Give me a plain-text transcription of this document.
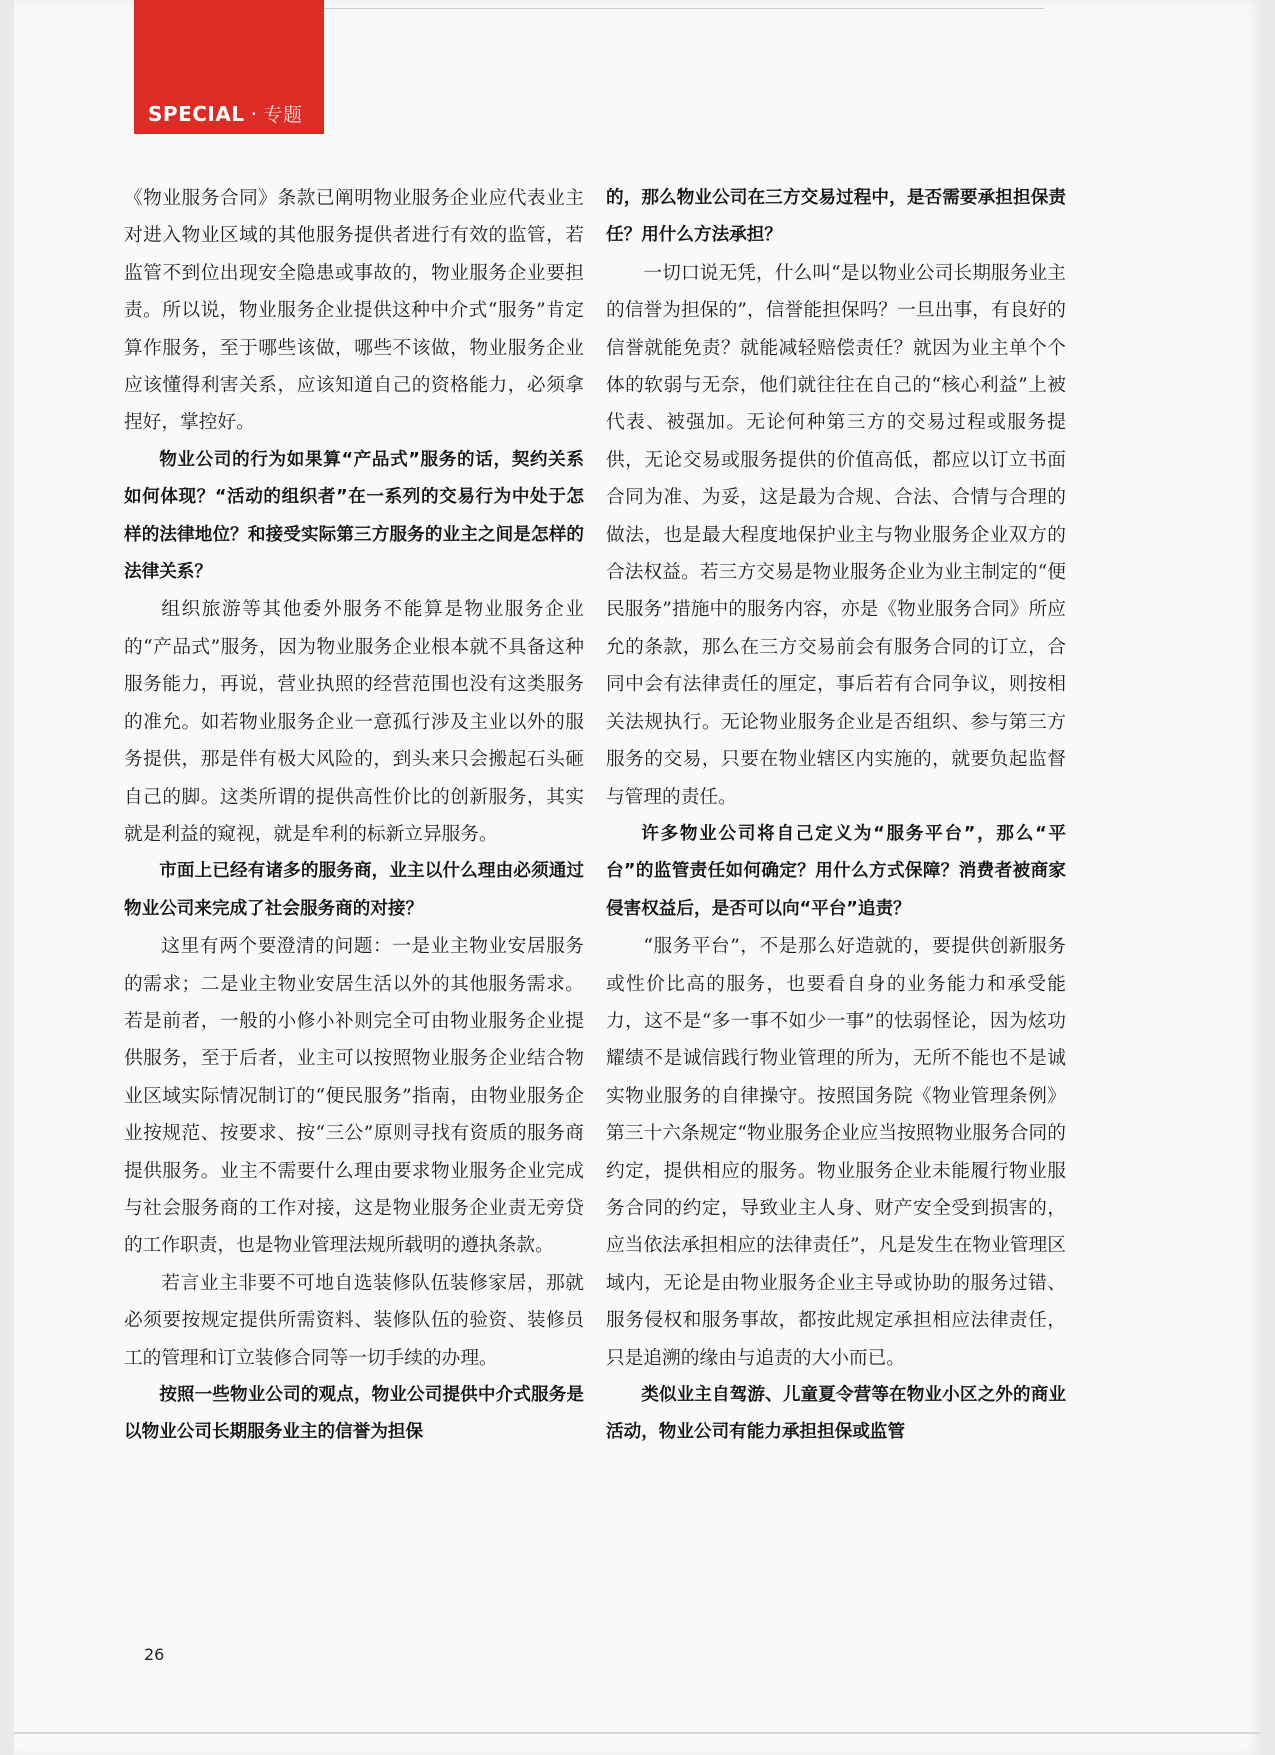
SPECIAL · 专题

《物业服务合同》条款已阐明物业服务企业应代表业主对进入物业区域的其他服务提供者进行有效的监管，若监管不到位出现安全隐患或事故的，物业服务企业要担责。所以说，物业服务企业提供这种中介式“服务”肯定算作服务，至于哪些该做，哪些不该做，物业服务企业应该懂得利害关系，应该知道自己的资格能力，必须拿捏好，掌控好。

物业公司的行为如果算“产品式”服务的话，契约关系如何体现？“活动的组织者”在一系列的交易行为中处于怎样的法律地位？和接受实际第三方服务的业主之间是怎样的法律关系？

组织旅游等其他委外服务不能算是物业服务企业的“产品式”服务，因为物业服务企业根本就不具备这种服务能力，再说，营业执照的经营范围也没有这类服务的准允。如若物业服务企业一意孤行涉及主业以外的服务提供，那是伴有极大风险的，到头来只会搬起石头砸自己的脚。这类所谓的提供高性价比的创新服务，其实就是利益的窥视，就是牟利的标新立异服务。

市面上已经有诸多的服务商，业主以什么理由必须通过物业公司来完成了社会服务商的对接？

这里有两个要澄清的问题：一是业主物业安居服务的需求；二是业主物业安居生活以外的其他服务需求。若是前者，一般的小修小补则完全可由物业服务企业提供服务，至于后者，业主可以按照物业服务企业结合物业区域实际情况制订的“便民服务”指南，由物业服务企业按规范、按要求、按“三公”原则寻找有资质的服务商提供服务。业主不需要什么理由要求物业服务企业完成与社会服务商的工作对接，这是物业服务企业责无旁贷的工作职责，也是物业管理法规所载明的遵执条款。

若言业主非要不可地自选装修队伍装修家居，那就必须要按规定提供所需资料、装修队伍的验资、装修员工的管理和订立装修合同等一切手续的办理。

按照一些物业公司的观点，物业公司提供中介式服务是以物业公司长期服务业主的信誉为担保

的，那么物业公司在三方交易过程中，是否需要承担担保责任？用什么方法承担？

一切口说无凭，什么叫“是以物业公司长期服务业主的信誉为担保的”，信誉能担保吗？一旦出事，有良好的信誉就能免责？就能减轻赔偿责任？就因为业主单个个体的软弱与无奈，他们就往往在自己的“核心利益”上被代表、被强加。无论何种第三方的交易过程或服务提供，无论交易或服务提供的价值高低，都应以订立书面合同为准、为妥，这是最为合规、合法、合情与合理的做法，也是最大程度地保护业主与物业服务企业双方的合法权益。若三方交易是物业服务企业为业主制定的“便民服务”措施中的服务内容，亦是《物业服务合同》所应允的条款，那么在三方交易前会有服务合同的订立，合同中会有法律责任的厘定，事后若有合同争议，则按相关法规执行。无论物业服务企业是否组织、参与第三方服务的交易，只要在物业辖区内实施的，就要负起监督与管理的责任。

许多物业公司将自己定义为“服务平台”，那么“平台”的监管责任如何确定？用什么方式保障？消费者被商家侵害权益后，是否可以向“平台”追责？

“服务平台”，不是那么好造就的，要提供创新服务或性价比高的服务，也要看自身的业务能力和承受能力，这不是“多一事不如少一事”的怯弱怪论，因为炫功耀绩不是诚信践行物业管理的所为，无所不能也不是诚实物业服务的自律操守。按照国务院《物业管理条例》第三十六条规定“物业服务企业应当按照物业服务合同的约定，提供相应的服务。物业服务企业未能履行物业服务合同的约定，导致业主人身、财产安全受到损害的，应当依法承担相应的法律责任”，凡是发生在物业管理区域内，无论是由物业服务企业主导或协助的服务过错、服务侵权和服务事故，都按此规定承担相应法律责任，只是追溯的缘由与追责的大小而已。

类似业主自驾游、儿童夏令营等在物业小区之外的商业活动，物业公司有能力承担担保或监管

26
